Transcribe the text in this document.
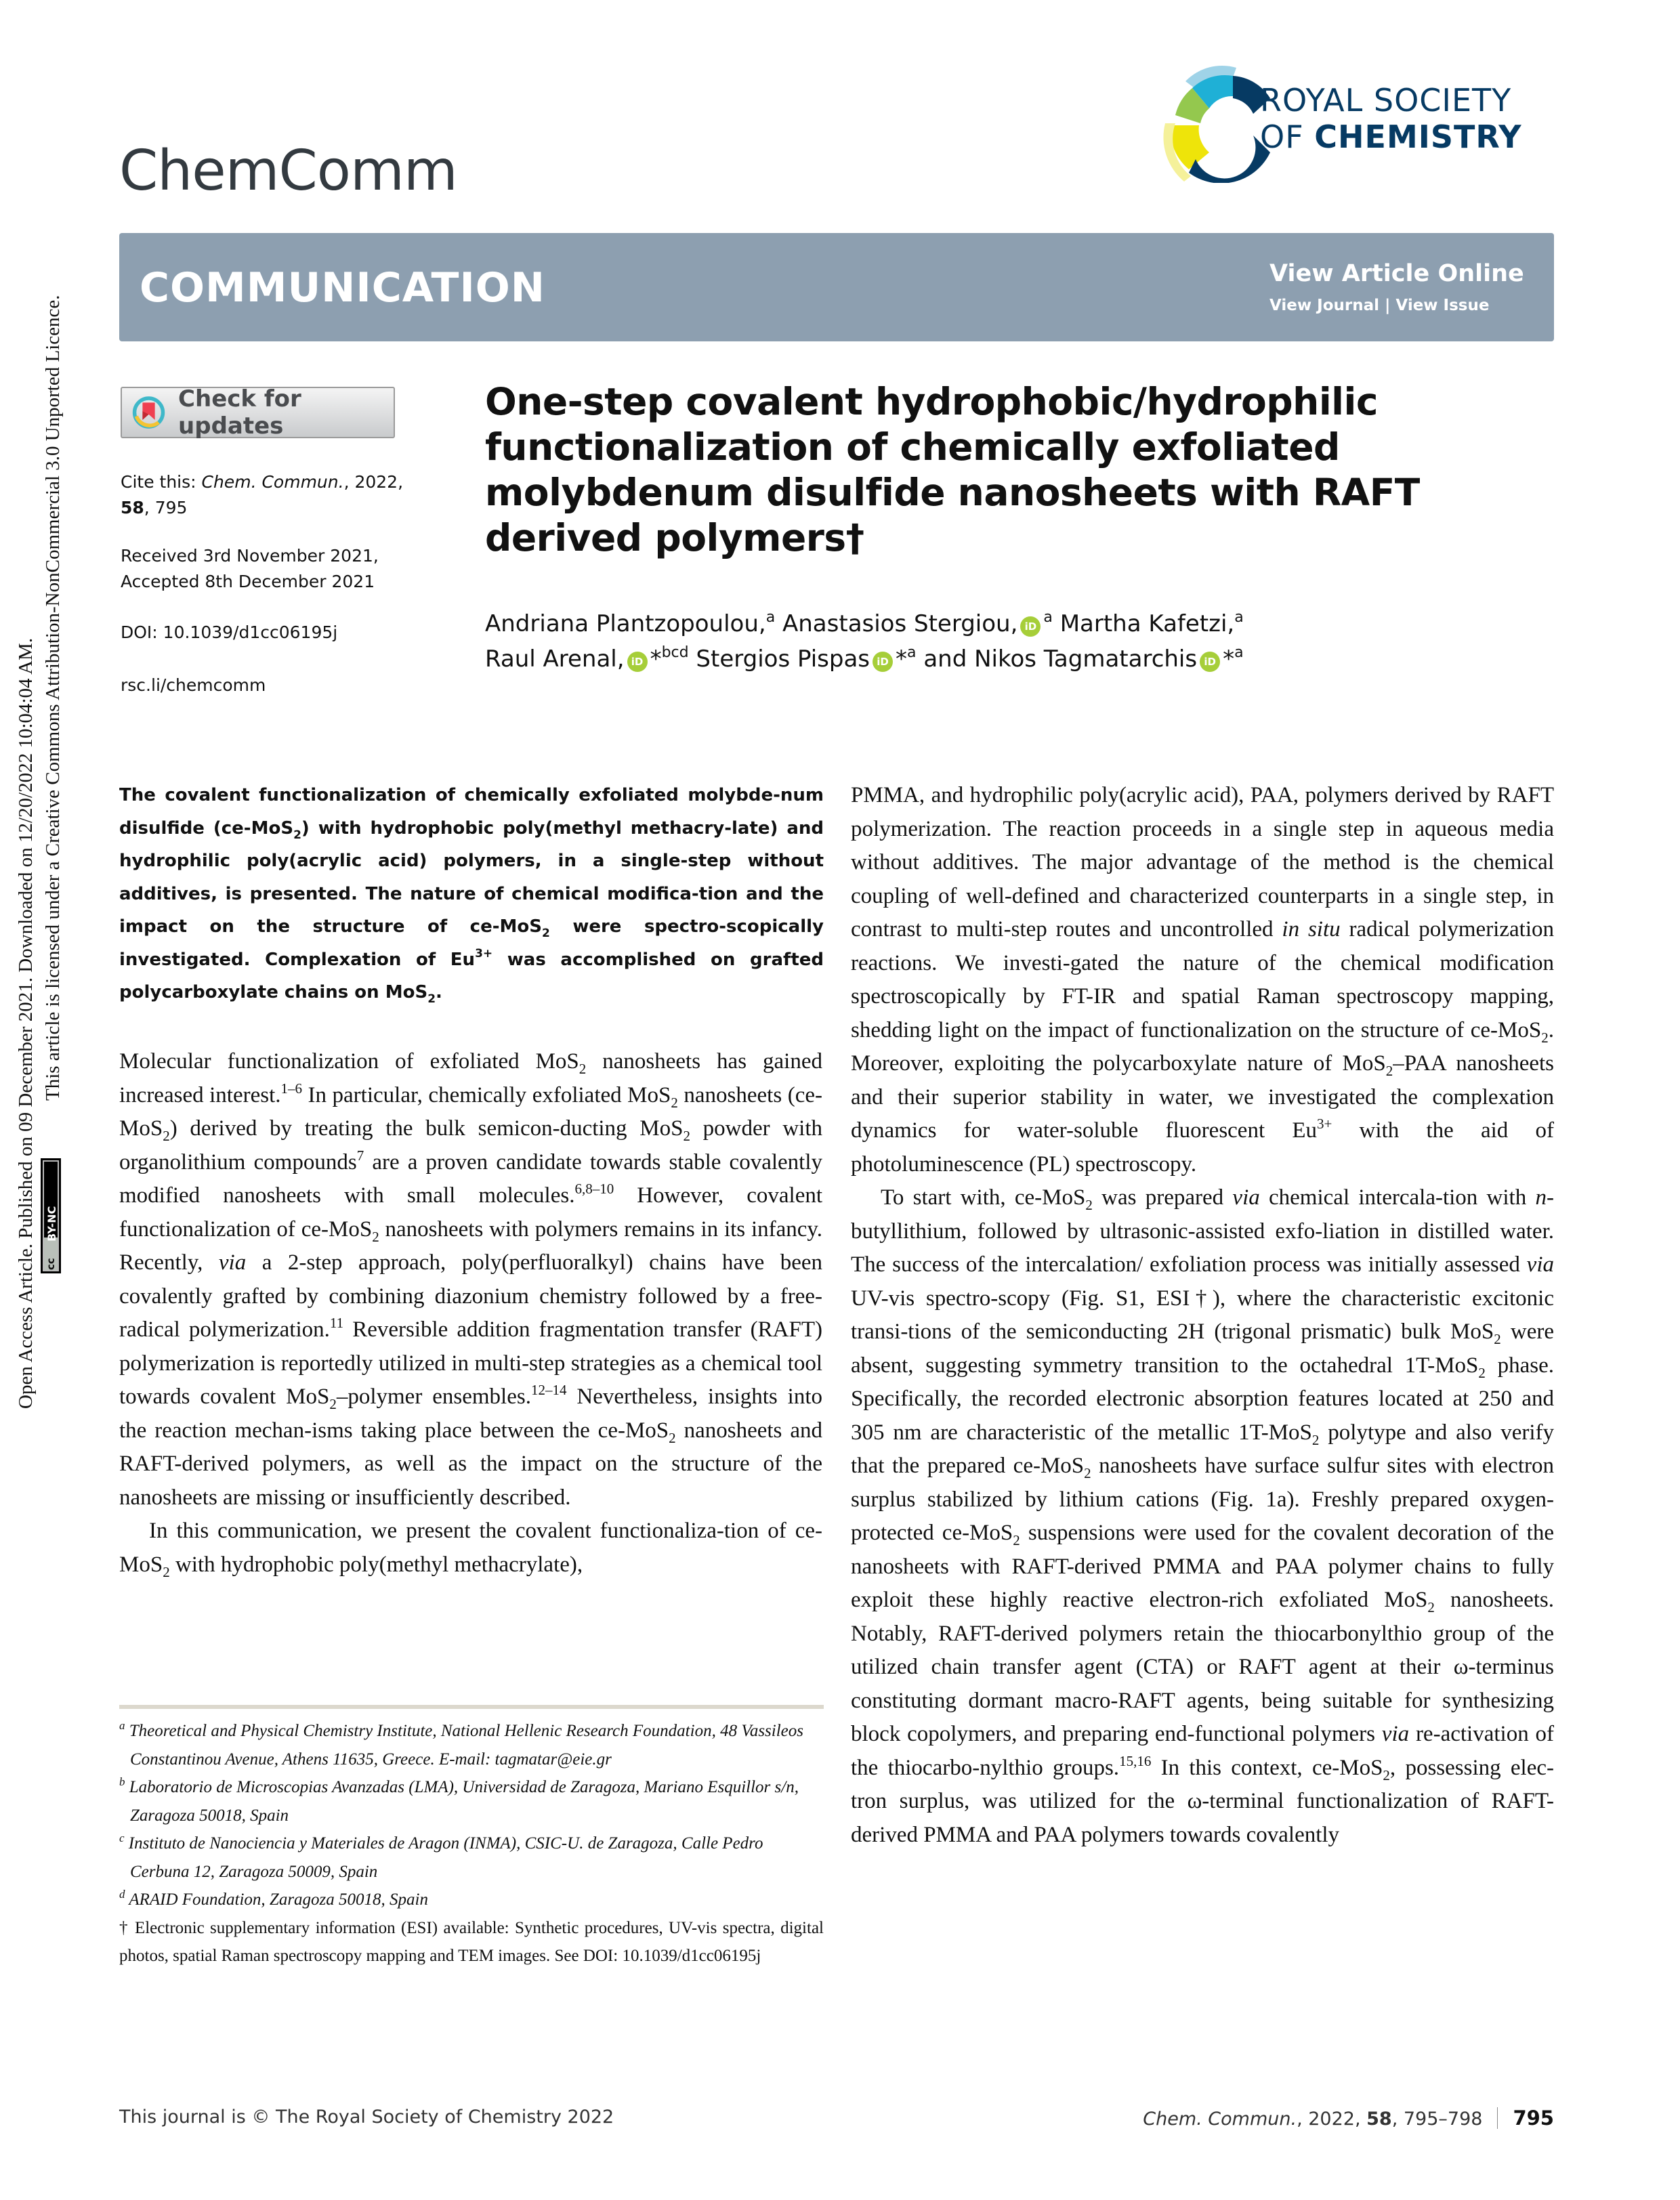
Open Access Article. Published on 09 December 2021. Downloaded on 12/20/2022 10:04:04 AM. This article is licensed under a Creative Commons Attribution-NonCommercial 3.0 Unported Licence.
BY-NC
cc
ChemComm
ROYAL SOCIETY
OF CHEMISTRY
COMMUNICATION	View Article Online
View Journal | View Issue
Check for updates
Cite this: Chem. Commun., 2022,
58, 795
Received 3rd November 2021,
Accepted 8th December 2021
DOI: 10.1039/d1cc06195j
rsc.li/chemcomm
One-step covalent hydrophobic/hydrophilic functionalization of chemically exfoliated molybdenum disulfide nanosheets with RAFT derived polymers†
Andriana Plantzopoulou,$^a$ Anastasios Stergiou, $iD^a$ Martha Kafetzi,$^a$
Raul Arenal, iD *$^{bcd}$ Stergios Pispas iD *$^a$ and Nikos Tagmatarchis iD *$^a$
The covalent functionalization of chemically exfoliated molybde-num disulfide (ce-MoS$_2$) with hydrophobic poly(methyl methacry-late) and hydrophilic poly(acrylic acid) polymers, in a single-step without additives, is presented. The nature of chemical modifica-tion and the impact on the structure of ce-MoS$_2$ were spectro-scopically investigated. Complexation of $Eu^{3+}$ was accomplished on grafted polycarboxylate chains on MoS$_2$.

Molecular functionalization of exfoliated MoS$_2$ nanosheets has gained increased interest.$^{1-6}$ In particular, chemically exfoliated MoS$_2$ nanosheets (ce-MoS$_2$) derived by treating the bulk semicon-ducting MoS$_2$ powder with organolithium compounds$^7$ are a proven candidate towards stable covalently modified nanosheets with small molecules.$^{6,8-10}$ However, covalent functionalization of ce-MoS$_2$ nanosheets with polymers remains in its infancy. Recently, via a 2-step approach, poly(perfluoralkyl) chains have been covalently grafted by combining diazonium chemistry followed by a free-radical polymerization.$^{11}$ Reversible addition fragmentation transfer (RAFT) polymerization is reportedly utilized in multi-step strategies as a chemical tool towards covalent MoS$_2$–polymer ensembles.$^{12-14}$ Nevertheless, insights into the reaction mechan-isms taking place between the ce-MoS$_2$ nanosheets and RAFT-derived polymers, as well as the impact on the structure of the nanosheets are missing or insufficiently described.

In this communication, we present the covalent functionaliza-tion of ce-MoS$_2$ with hydrophobic poly(methyl methacrylate),

PMMA, and hydrophilic poly(acrylic acid), PAA, polymers derived by RAFT polymerization. The reaction proceeds in a single step in aqueous media without additives. The major advantage of the method is the chemical coupling of well-defined and characterized counterparts in a single step, in contrast to multi-step routes and uncontrolled in situ radical polymerization reactions. We investi-gated the nature of the chemical modification spectroscopically by FT-IR and spatial Raman spectroscopy mapping, shedding light on the impact of functionalization on the structure of ce-MoS$_2$. Moreover, exploiting the polycarboxylate nature of MoS$_2$–PAA nanosheets and their superior stability in water, we investigated the complexation dynamics for water-soluble fluorescent $Eu^{3+}$ with the aid of photoluminescence (PL) spectroscopy.

To start with, ce-MoS$_2$ was prepared via chemical intercala-tion with n-butyllithium, followed by ultrasonic-assisted exfo-liation in distilled water. The success of the intercalation/ exfoliation process was initially assessed via UV-vis spectro-scopy (Fig. S1, ESI†), where the characteristic excitonic transi-tions of the semiconducting 2H (trigonal prismatic) bulk MoS$_2$ were absent, suggesting symmetry transition to the octahedral 1T-MoS$_2$ phase. Specifically, the recorded electronic absorption features located at 250 and 305 nm are characteristic of the metallic 1T-MoS$_2$ polytype and also verify that the prepared ce-MoS$_2$ nanosheets have surface sulfur sites with electron surplus stabilized by lithium cations (Fig. 1a). Freshly prepared oxygen-protected ce-MoS$_2$ suspensions were used for the covalent decoration of the nanosheets with RAFT-derived PMMA and PAA polymer chains to fully exploit these highly reactive electron-rich exfoliated MoS$_2$ nanosheets. Notably, RAFT-derived polymers retain the thiocarbonylthio group of the utilized chain transfer agent (CTA) or RAFT agent at their ω-terminus constituting dormant macro-RAFT agents, being suitable for synthesizing block copolymers, and preparing end-functional polymers via re-activation of the thiocarbo-nylthio groups.$^{15,16}$ In this context, ce-MoS$_2$, possessing elec-tron surplus, was utilized for the ω-terminal functionalization of RAFT-derived PMMA and PAA polymers towards covalently

$^a$ Theoretical and Physical Chemistry Institute, National Hellenic Research Foundation, 48 Vassileos Constantinou Avenue, Athens 11635, Greece. E-mail: tagmatar@eie.gr
$^b$ Laboratorio de Microscopias Avanzadas (LMA), Universidad de Zaragoza, Mariano Esquillor s/n, Zaragoza 50018, Spain
$^c$ Instituto de Nanociencia y Materiales de Aragon (INMA), CSIC-U. de Zaragoza, Calle Pedro Cerbuna 12, Zaragoza 50009, Spain
$^d$ ARAID Foundation, Zaragoza 50018, Spain
† Electronic supplementary information (ESI) available: Synthetic procedures, UV-vis spectra, digital photos, spatial Raman spectroscopy mapping and TEM images. See DOI: 10.1039/d1cc06195j
This journal is © The Royal Society of Chemistry 2022	Chem. Commun., 2022, 58, 795–798 795
